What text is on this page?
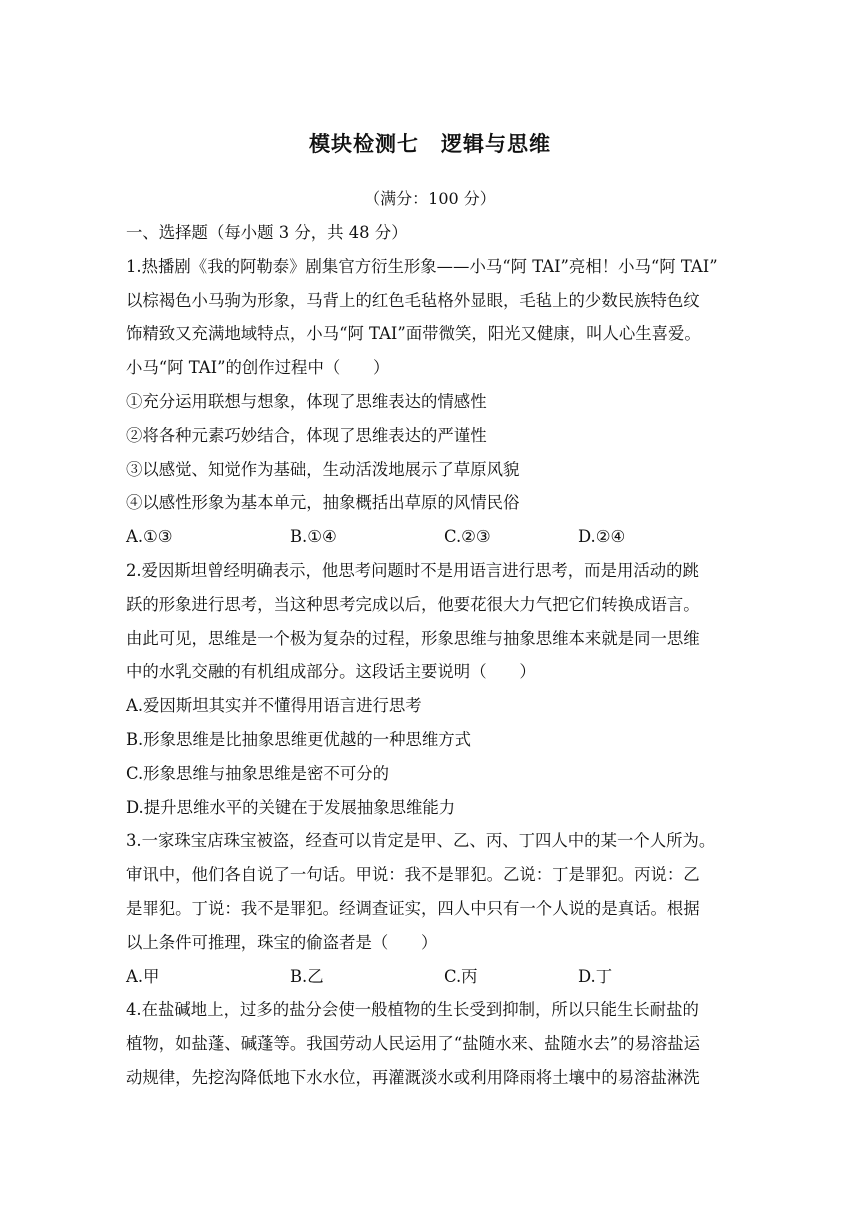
模块检测七　逻辑与思维
（满分：100 分）
一、选择题（每小题 3 分，共 48 分）
1.热播剧《我的阿勒泰》剧集官方衍生形象——小马“阿 TAI”亮相！小马“阿 TAI”
以棕褐色小马驹为形象，马背上的红色毛毡格外显眼，毛毡上的少数民族特色纹
饰精致又充满地域特点，小马“阿 TAI”面带微笑，阳光又健康，叫人心生喜爱。
小马“阿 TAI”的创作过程中（　　）
①充分运用联想与想象，体现了思维表达的情感性
②将各种元素巧妙结合，体现了思维表达的严谨性
③以感觉、知觉作为基础，生动活泼地展示了草原风貌
④以感性形象为基本单元，抽象概括出草原的风情民俗
A.①③	B.①④	C.②③	D.②④
2.爱因斯坦曾经明确表示，他思考问题时不是用语言进行思考，而是用活动的跳
跃的形象进行思考，当这种思考完成以后，他要花很大力气把它们转换成语言。
由此可见，思维是一个极为复杂的过程，形象思维与抽象思维本来就是同一思维
中的水乳交融的有机组成部分。这段话主要说明（　　）
A.爱因斯坦其实并不懂得用语言进行思考
B.形象思维是比抽象思维更优越的一种思维方式
C.形象思维与抽象思维是密不可分的
D.提升思维水平的关键在于发展抽象思维能力
3.一家珠宝店珠宝被盗，经查可以肯定是甲、乙、丙、丁四人中的某一个人所为。
审讯中，他们各自说了一句话。甲说：我不是罪犯。乙说：丁是罪犯。丙说：乙
是罪犯。丁说：我不是罪犯。经调查证实，四人中只有一个人说的是真话。根据
以上条件可推理，珠宝的偷盗者是（　　）
A.甲	B.乙	C.丙	D.丁
4.在盐碱地上，过多的盐分会使一般植物的生长受到抑制，所以只能生长耐盐的
植物，如盐蓬、碱蓬等。我国劳动人民运用了“盐随水来、盐随水去”的易溶盐运
动规律，先挖沟降低地下水水位，再灌溉淡水或利用降雨将土壤中的易溶盐淋洗
